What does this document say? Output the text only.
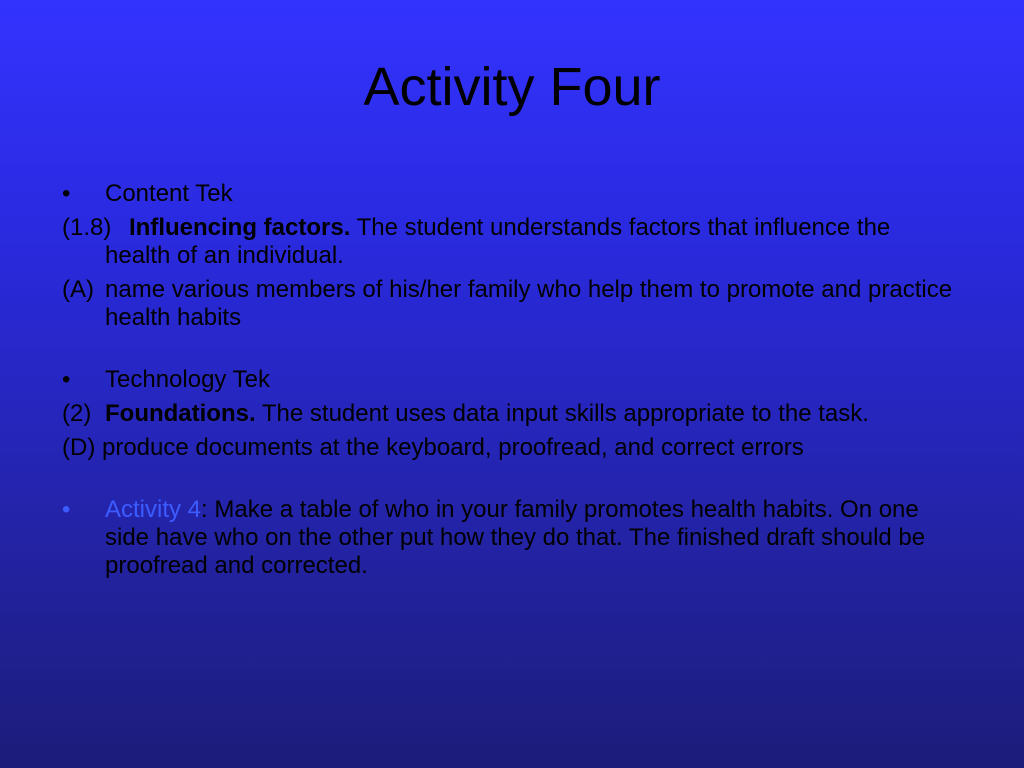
Activity Four
•	Content Tek
(1.8) Influencing factors. The student understands factors that influence the health of an individual.
(A) name various members of his/her family who help them to promote and practice health habits
•	Technology Tek
(2) Foundations. The student uses data input skills appropriate to the task.
(D) produce documents at the keyboard, proofread, and correct errors
•	Activity 4: Make a table of who in your family promotes health habits. On one side have who on the other put how they do that. The finished draft should be proofread and corrected.
